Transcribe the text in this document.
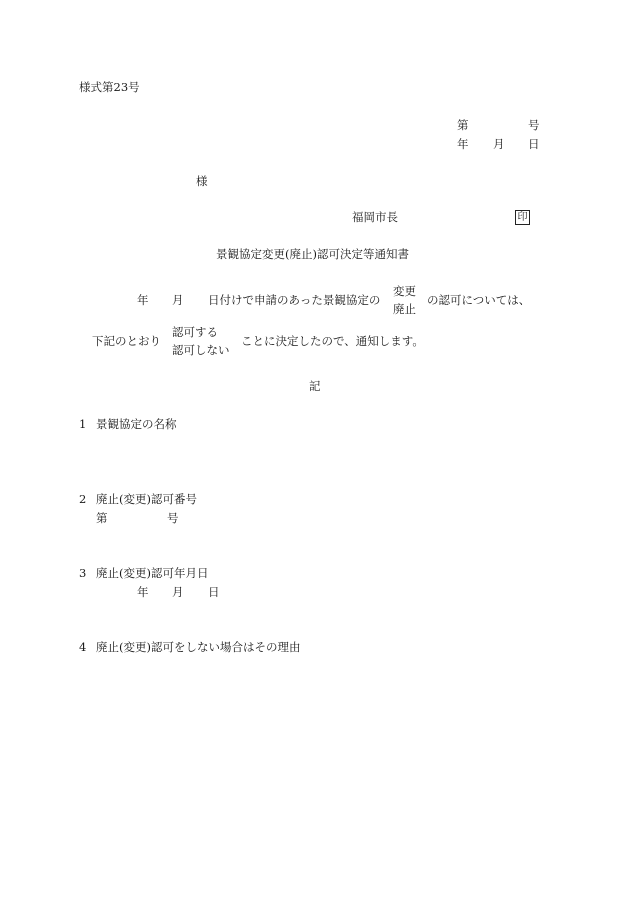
様式第23号
第	号
年 月 日
様
福岡市長	印
景観協定変更(廃止)認可決定等通知書
年 月 日付けで申請のあった景観協定の
変更
廃止
の認可については、
下記のとおり
認可する
認可しない
ことに決定したので、通知します。
記
1 景観協定の名称
2 廃止(変更)認可番号
第	号
3 廃止(変更)認可年月日
年 月 日
4 廃止(変更)認可をしない場合はその理由
